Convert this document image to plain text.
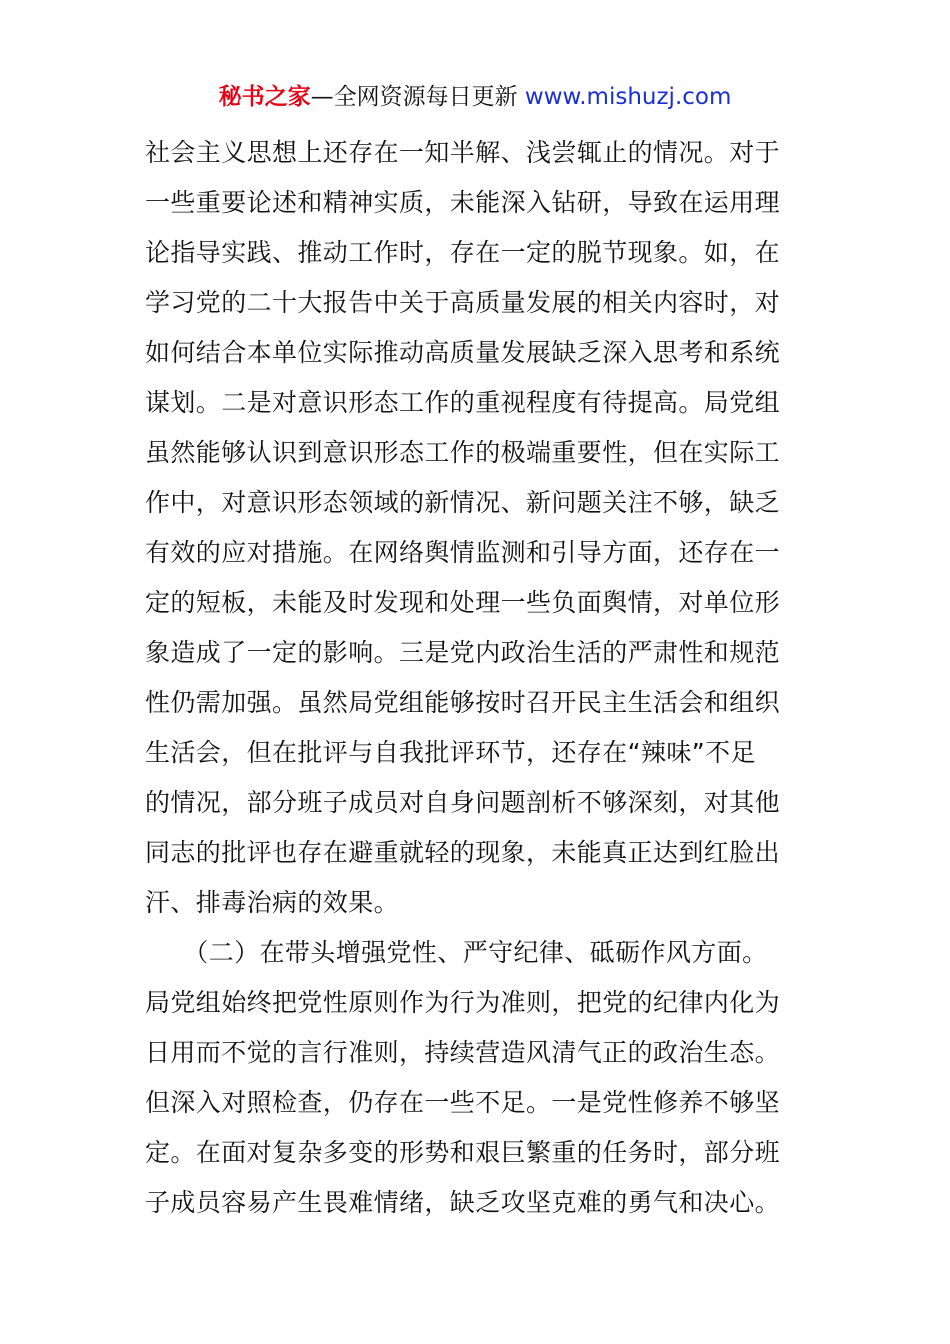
秘书之家—全网资源每日更新 www.mishuzj.com
社会主义思想上还存在一知半解、浅尝辄止的情况。对于
一些重要论述和精神实质，未能深入钻研，导致在运用理
论指导实践、推动工作时，存在一定的脱节现象。如，在
学习党的二十大报告中关于高质量发展的相关内容时，对
如何结合本单位实际推动高质量发展缺乏深入思考和系统
谋划。二是对意识形态工作的重视程度有待提高。局党组
虽然能够认识到意识形态工作的极端重要性，但在实际工
作中，对意识形态领域的新情况、新问题关注不够，缺乏
有效的应对措施。在网络舆情监测和引导方面，还存在一
定的短板，未能及时发现和处理一些负面舆情，对单位形
象造成了一定的影响。三是党内政治生活的严肃性和规范
性仍需加强。虽然局党组能够按时召开民主生活会和组织
生活会，但在批评与自我批评环节，还存在“辣味”不足
的情况，部分班子成员对自身问题剖析不够深刻，对其他
同志的批评也存在避重就轻的现象，未能真正达到红脸出
汗、排毒治病的效果。
　　（二）在带头增强党性、严守纪律、砥砺作风方面。
局党组始终把党性原则作为行为准则，把党的纪律内化为
日用而不觉的言行准则，持续营造风清气正的政治生态。
但深入对照检查，仍存在一些不足。一是党性修养不够坚
定。在面对复杂多变的形势和艰巨繁重的任务时，部分班
子成员容易产生畏难情绪，缺乏攻坚克难的勇气和决心。
